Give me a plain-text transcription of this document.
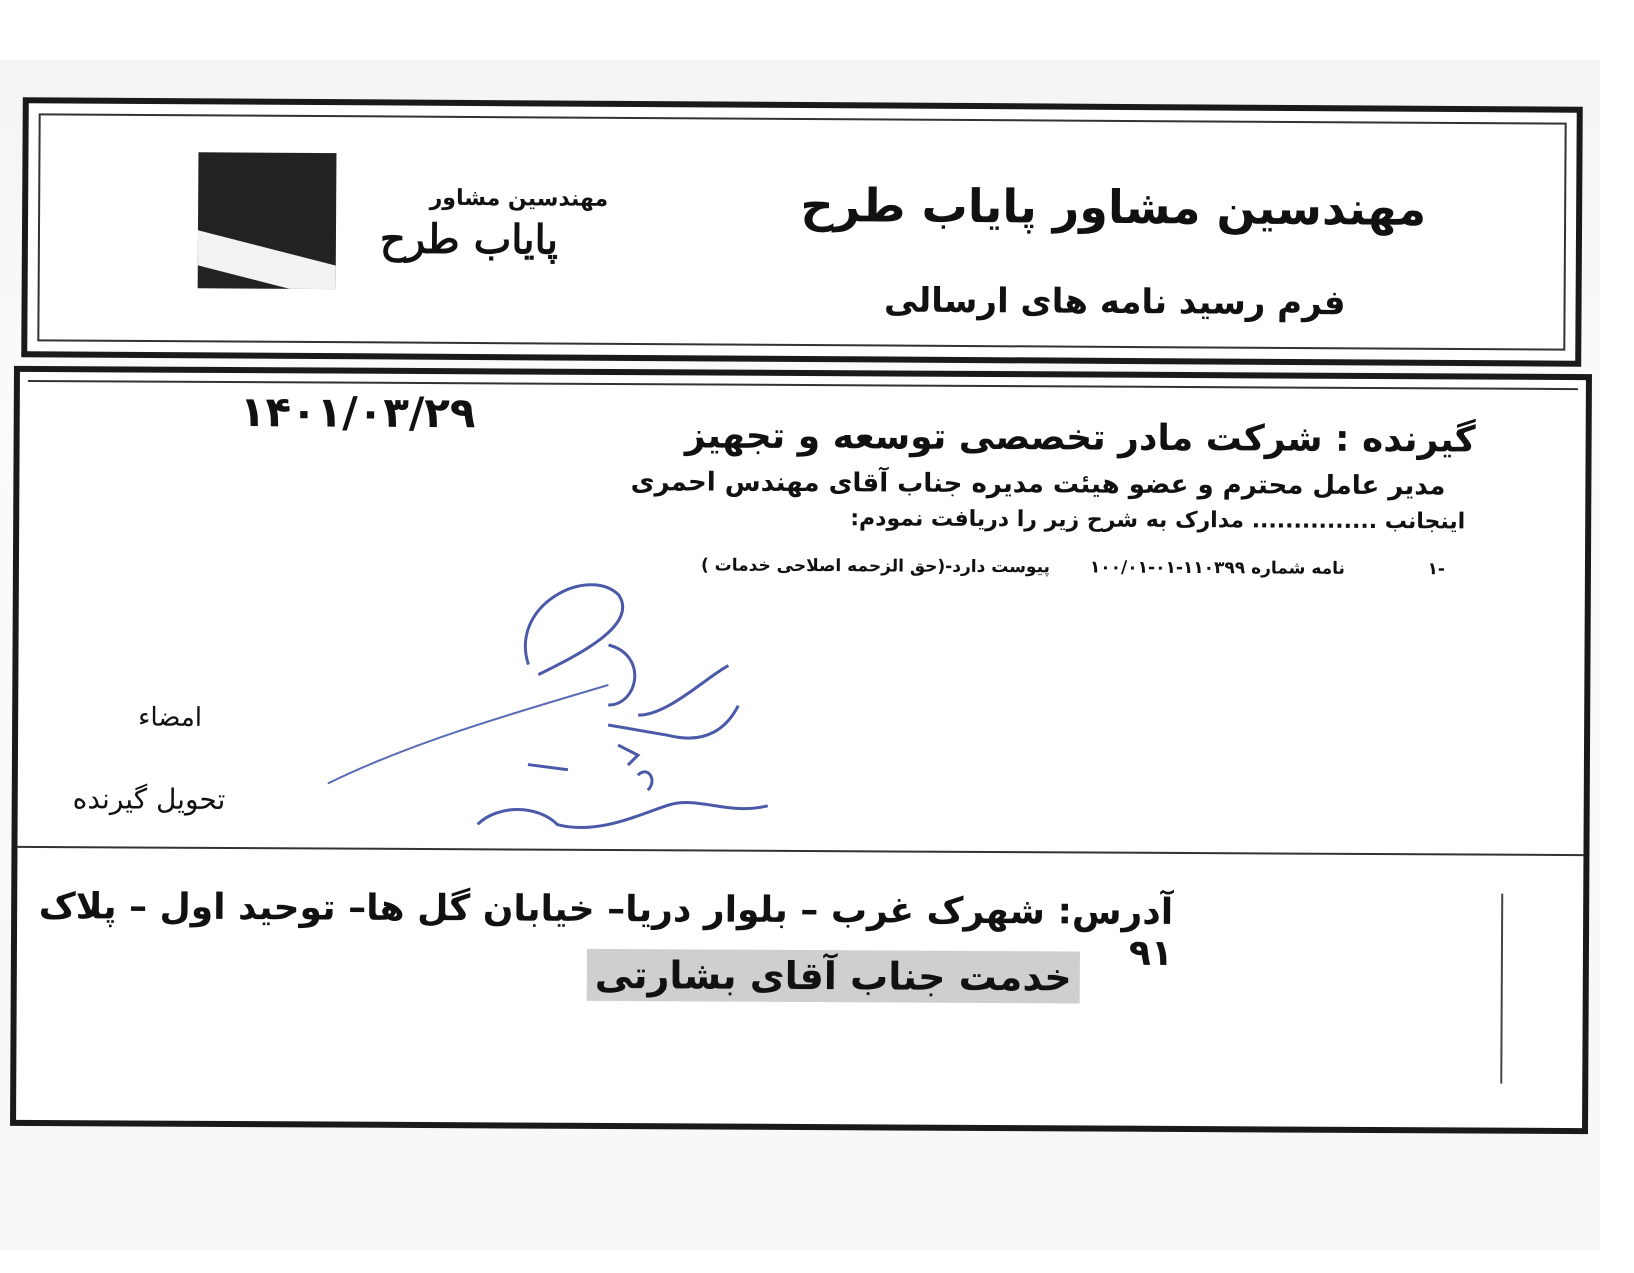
مهندسین مشاور
پایاب طرح
مهندسین مشاور پایاب طرح
فرم رسید نامه های ارسالی
۱۴۰۱/۰۳/۲۹
گیرنده : شرکت مادر تخصصی توسعه و تجهیز
مدیر عامل محترم و عضو هیئت مدیره جناب آقای مهندس احمری
اینجانب ............... مدارک به شرح زیر را دریافت نمودم:
-۱
نامه شماره ۱۱۰۳۹۹-۰۱-۱۰۰/۰۱
پیوست دارد-(حق الزحمه اصلاحی خدمات )
امضاء
تحویل گیرنده
آدرس: شهرک غرب – بلوار دریا– خیابان گل ها– توحید اول – پلاک ۹۱
خدمت جناب آقای بشارتی
